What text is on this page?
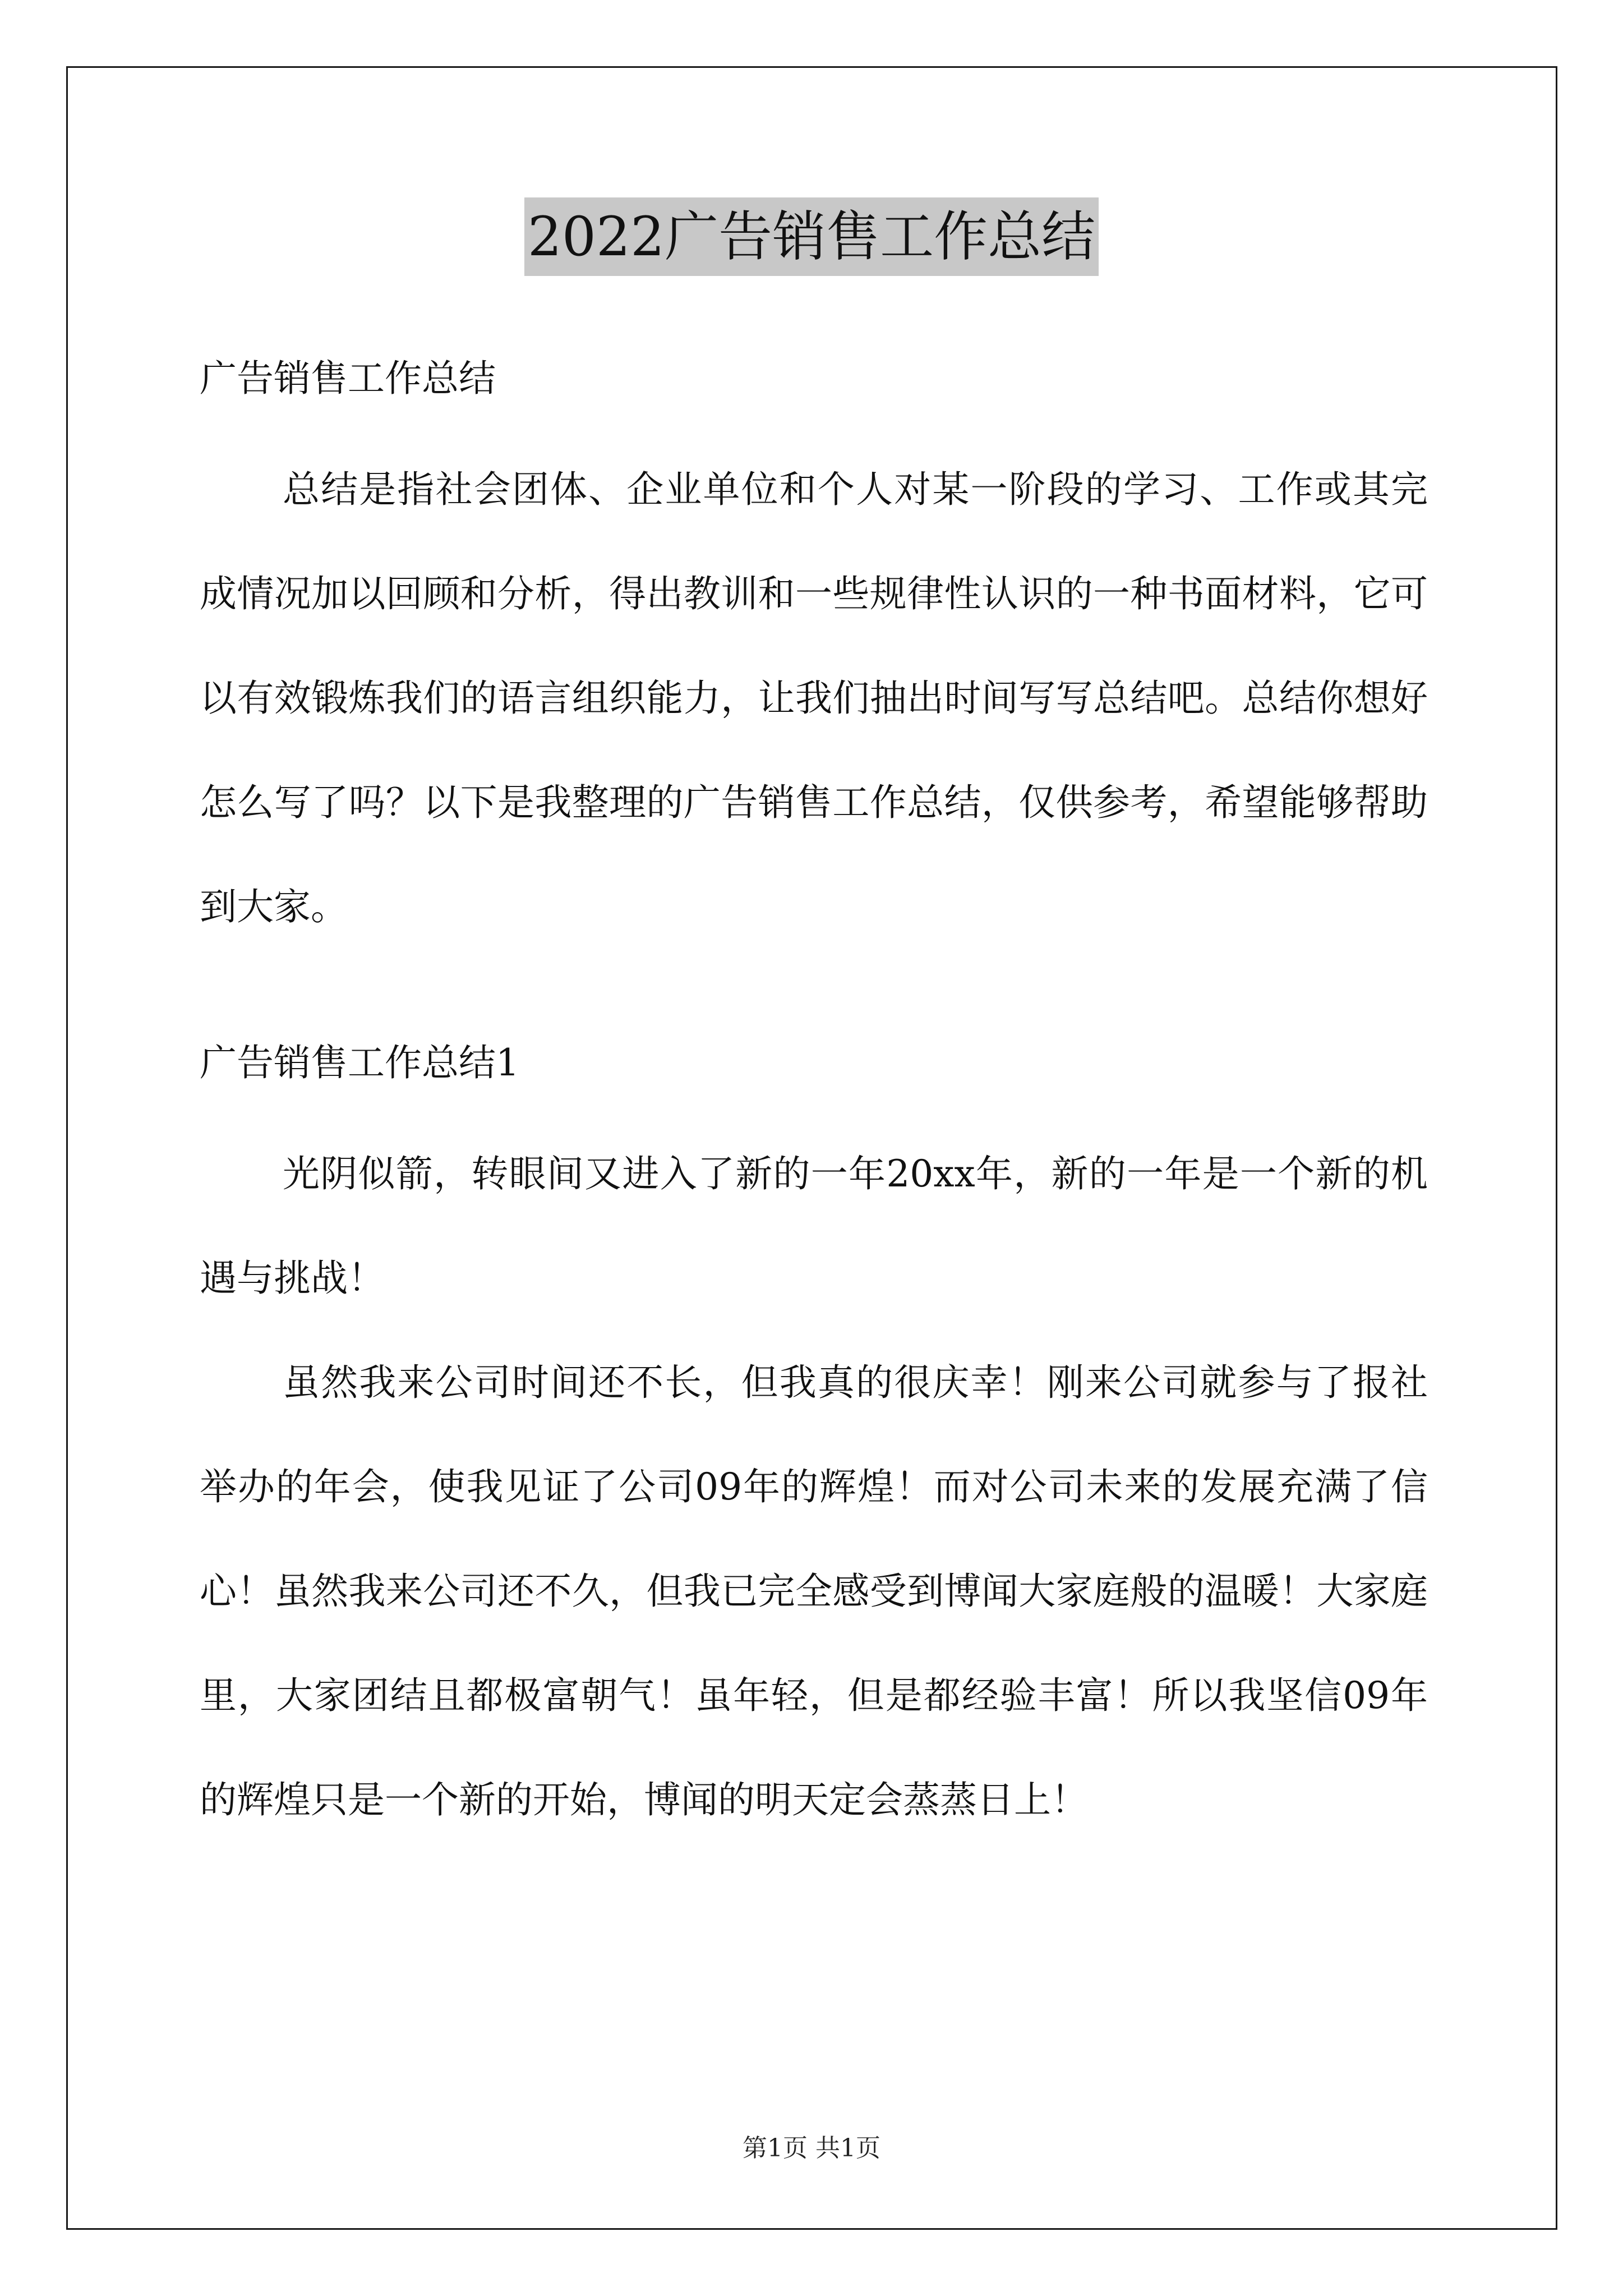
2022广告销售工作总结

广告销售工作总结

总结是指社会团体、企业单位和个人对某一阶段的学习、工作或其完成情况加以回顾和分析，得出教训和一些规律性认识的一种书面材料，它可以有效锻炼我们的语言组织能力，让我们抽出时间写写总结吧。总结你想好怎么写了吗？以下是我整理的广告销售工作总结，仅供参考，希望能够帮助到大家。

广告销售工作总结1

光阴似箭，转眼间又进入了新的一年20xx年，新的一年是一个新的机遇与挑战！

虽然我来公司时间还不长，但我真的很庆幸！刚来公司就参与了报社举办的年会，使我见证了公司09年的辉煌！而对公司未来的发展充满了信心！虽然我来公司还不久，但我已完全感受到博闻大家庭般的温暖！大家庭里，大家团结且都极富朝气！虽年轻，但是都经验丰富！所以我坚信09年的辉煌只是一个新的开始，博闻的明天定会蒸蒸日上！

第1页 共1页
